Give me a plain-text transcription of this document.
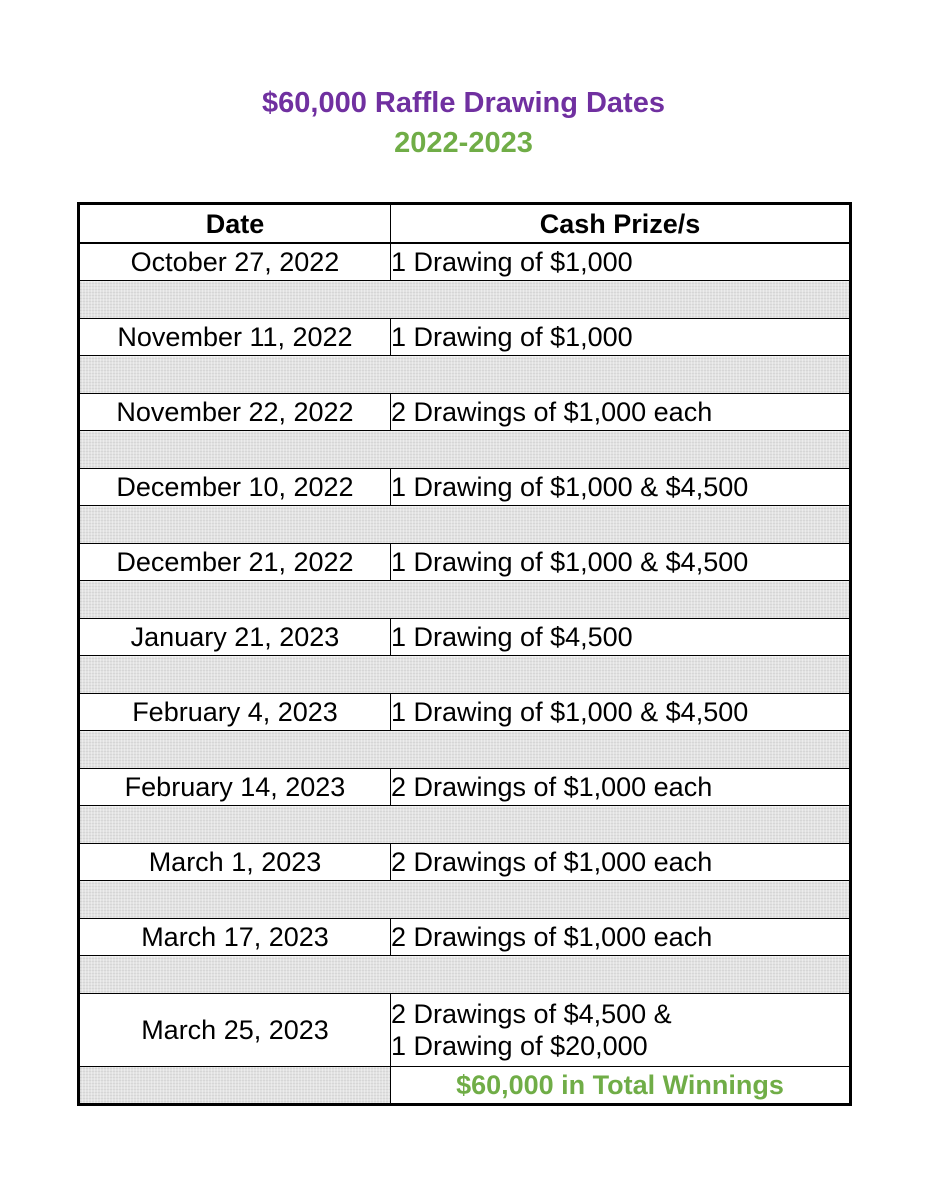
$60,000 Raffle Drawing Dates
2022-2023
Date	Cash Prize/s
October 27, 2022	1 Drawing of $1,000

November 11, 2022	1 Drawing of $1,000

November 22, 2022	2 Drawings of $1,000 each

December 10, 2022	1 Drawing of $1,000 & $4,500

December 21, 2022	1 Drawing of $1,000 & $4,500

January 21, 2023	1 Drawing of $4,500

February 4, 2023	1 Drawing of $1,000 & $4,500

February 14, 2023	2 Drawings of $1,000 each

March 1, 2023	2 Drawings of $1,000 each

March 17, 2023	2 Drawings of $1,000 each

March 25, 2023	2 Drawings of $4,500 &
1 Drawing of $20,000

	$60,000 in Total Winnings
